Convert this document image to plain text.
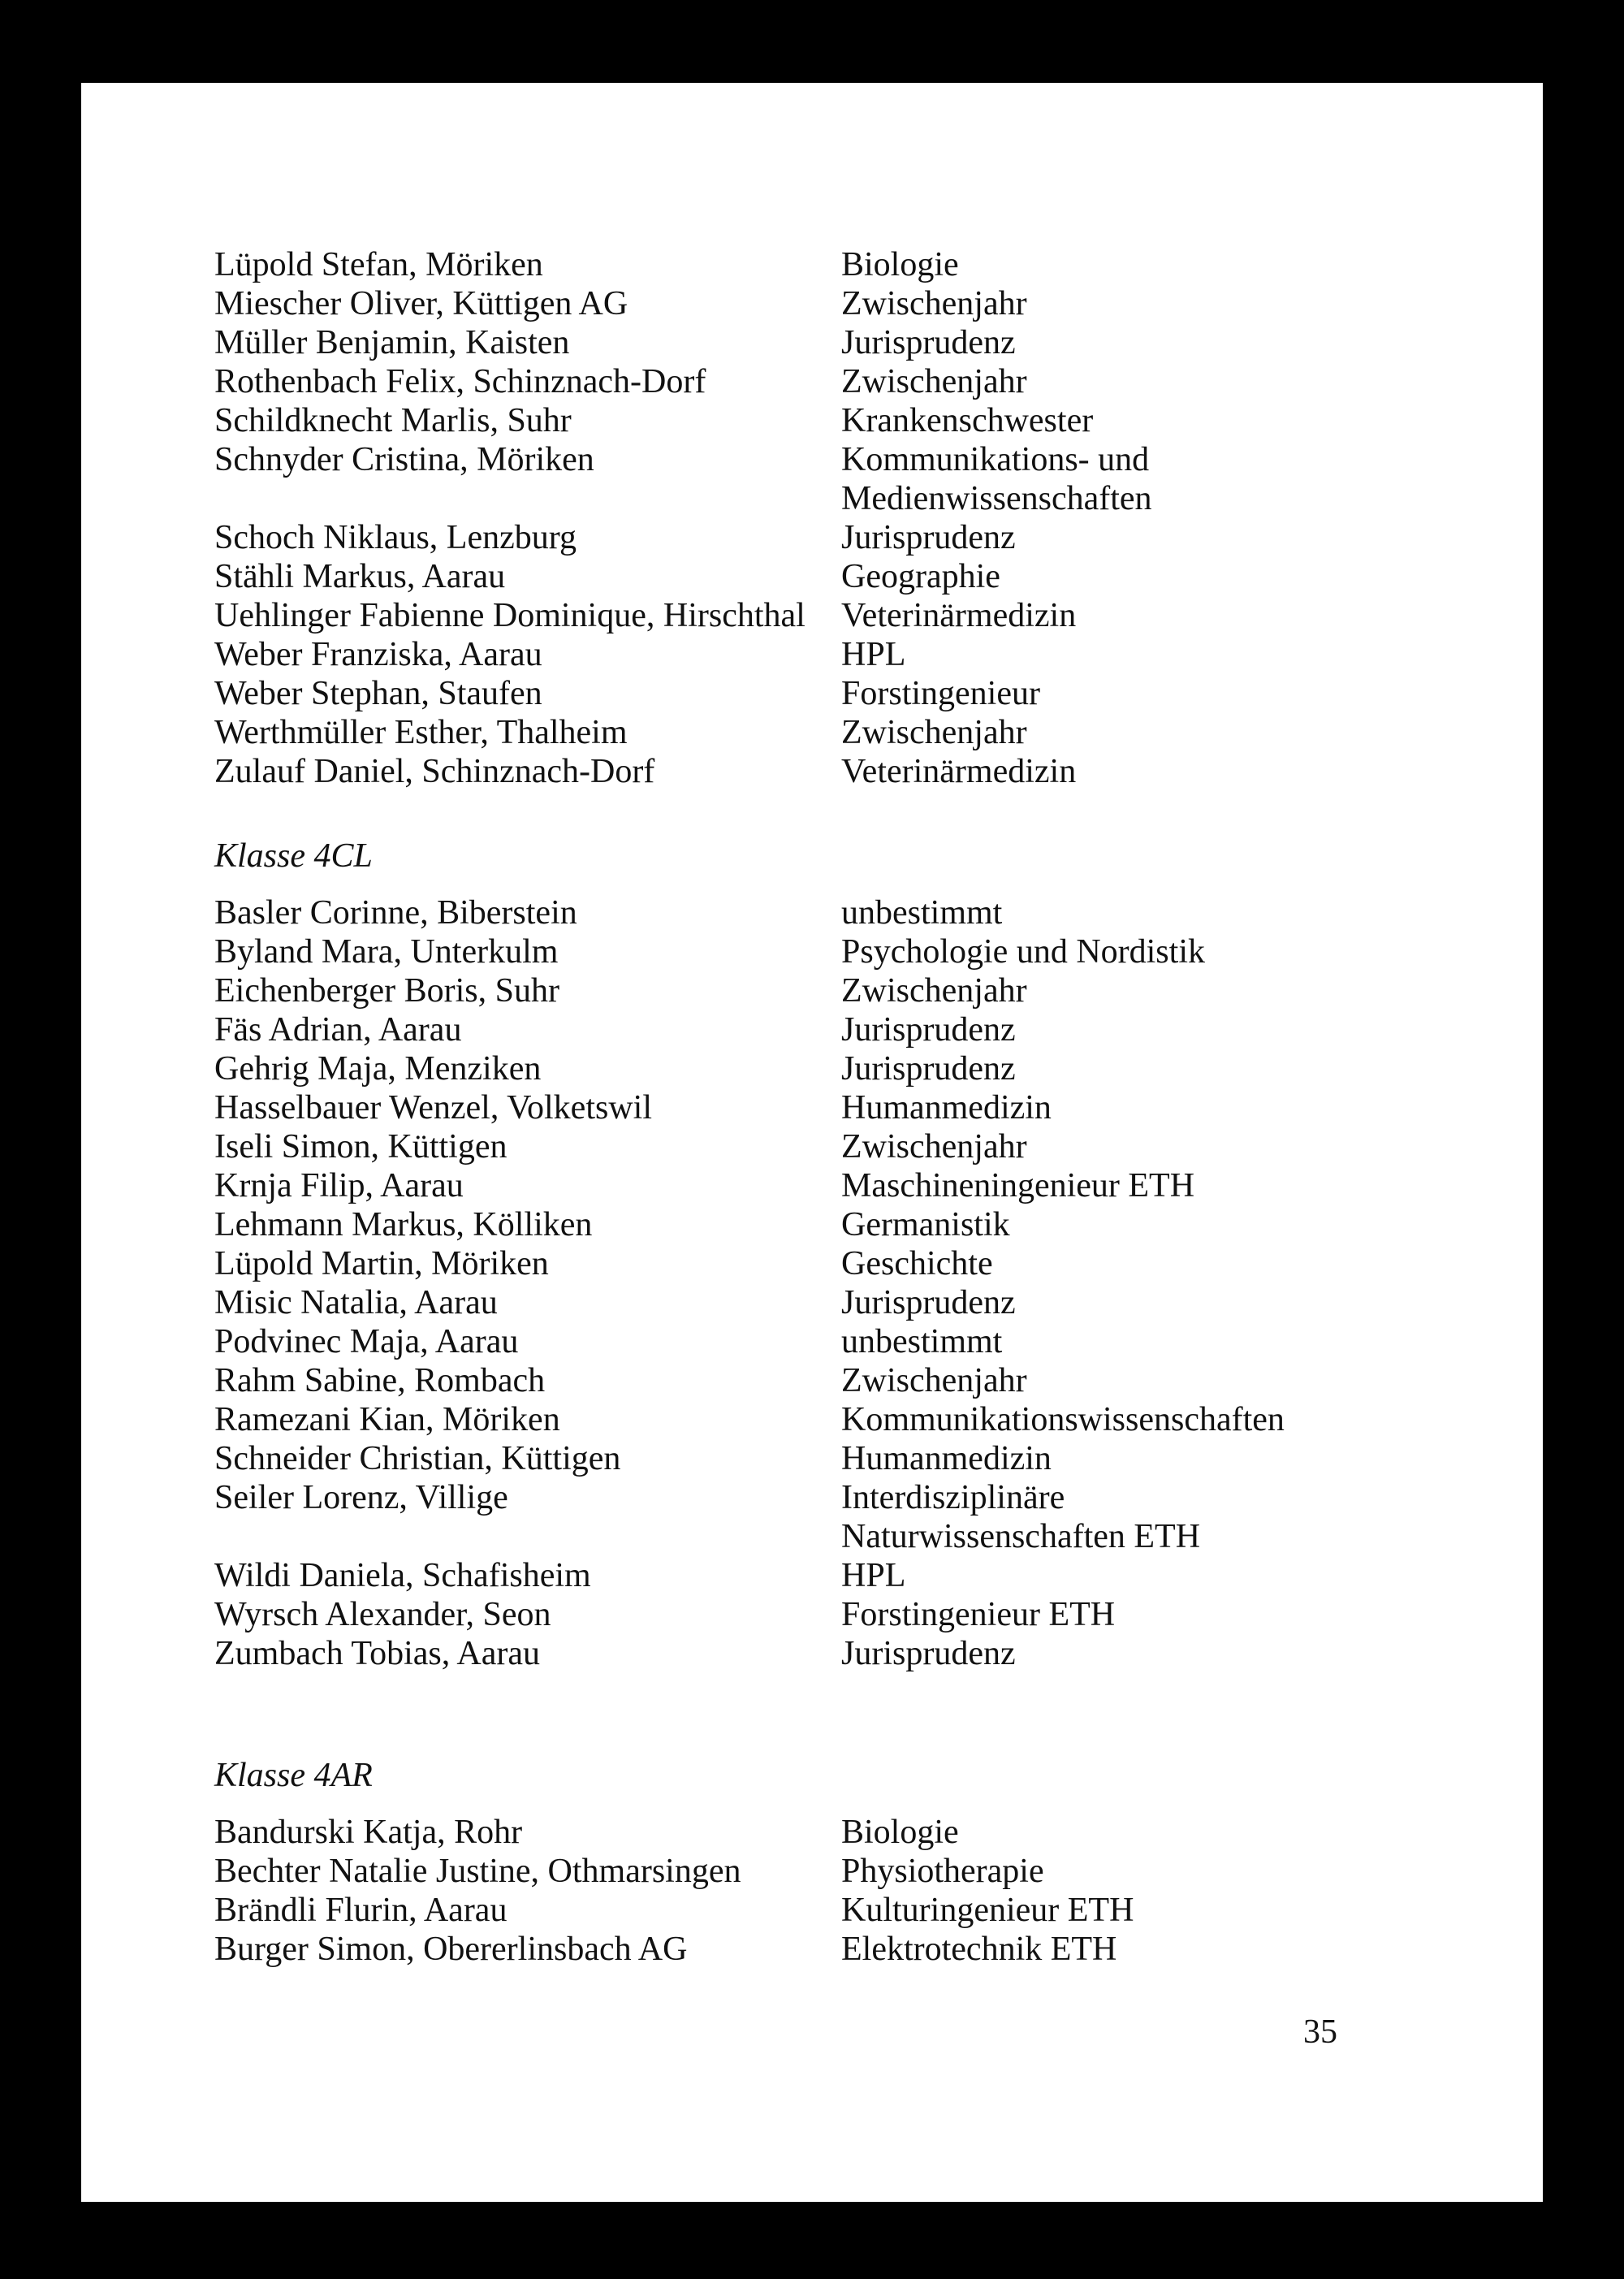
Lüpold Stefan, Möriken	Biologie
Miescher Oliver, Küttigen AG	Zwischenjahr
Müller Benjamin, Kaisten	Jurisprudenz
Rothenbach Felix, Schinznach-Dorf	Zwischenjahr
Schildknecht Marlis, Suhr	Krankenschwester
Schnyder Cristina, Möriken	Kommunikations- und
Medienwissenschaften
Schoch Niklaus, Lenzburg	Jurisprudenz
Stähli Markus, Aarau	Geographie
Uehlinger Fabienne Dominique, Hirschthal Veterinärmedizin
Weber Franziska, Aarau	HPL
Weber Stephan, Staufen	Forstingenieur
Werthmüller Esther, Thalheim	Zwischenjahr
Zulauf Daniel, Schinznach-Dorf	Veterinärmedizin
Klasse 4CL
Basler Corinne, Biberstein	unbestimmt
Byland Mara, Unterkulm	Psychologie und Nordistik
Eichenberger Boris, Suhr	Zwischenjahr
Fäs Adrian, Aarau	Jurisprudenz
Gehrig Maja, Menziken	Jurisprudenz
Hasselbauer Wenzel, Volketswil	Humanmedizin
Iseli Simon, Küttigen	Zwischenjahr
Krnja Filip, Aarau	Maschineningenieur ETH
Lehmann Markus, Kölliken	Germanistik
Lüpold Martin, Möriken	Geschichte
Misic Natalia, Aarau	Jurisprudenz
Podvinec Maja, Aarau	unbestimmt
Rahm Sabine, Rombach	Zwischenjahr
Ramezani Kian, Möriken	Kommunikationswissenschaften
Schneider Christian, Küttigen	Humanmedizin
Seiler Lorenz, Villige	Interdisziplinäre
Naturwissenschaften ETH
Wildi Daniela, Schafisheim	HPL
Wyrsch Alexander, Seon	Forstingenieur ETH
Zumbach Tobias, Aarau	Jurisprudenz
Klasse 4AR
Bandurski Katja, Rohr	Biologie
Bechter Natalie Justine, Othmarsingen	Physiotherapie
Brändli Flurin, Aarau	Kulturingenieur ETH
Burger Simon, Obererlinsbach AG	Elektrotechnik ETH
35
